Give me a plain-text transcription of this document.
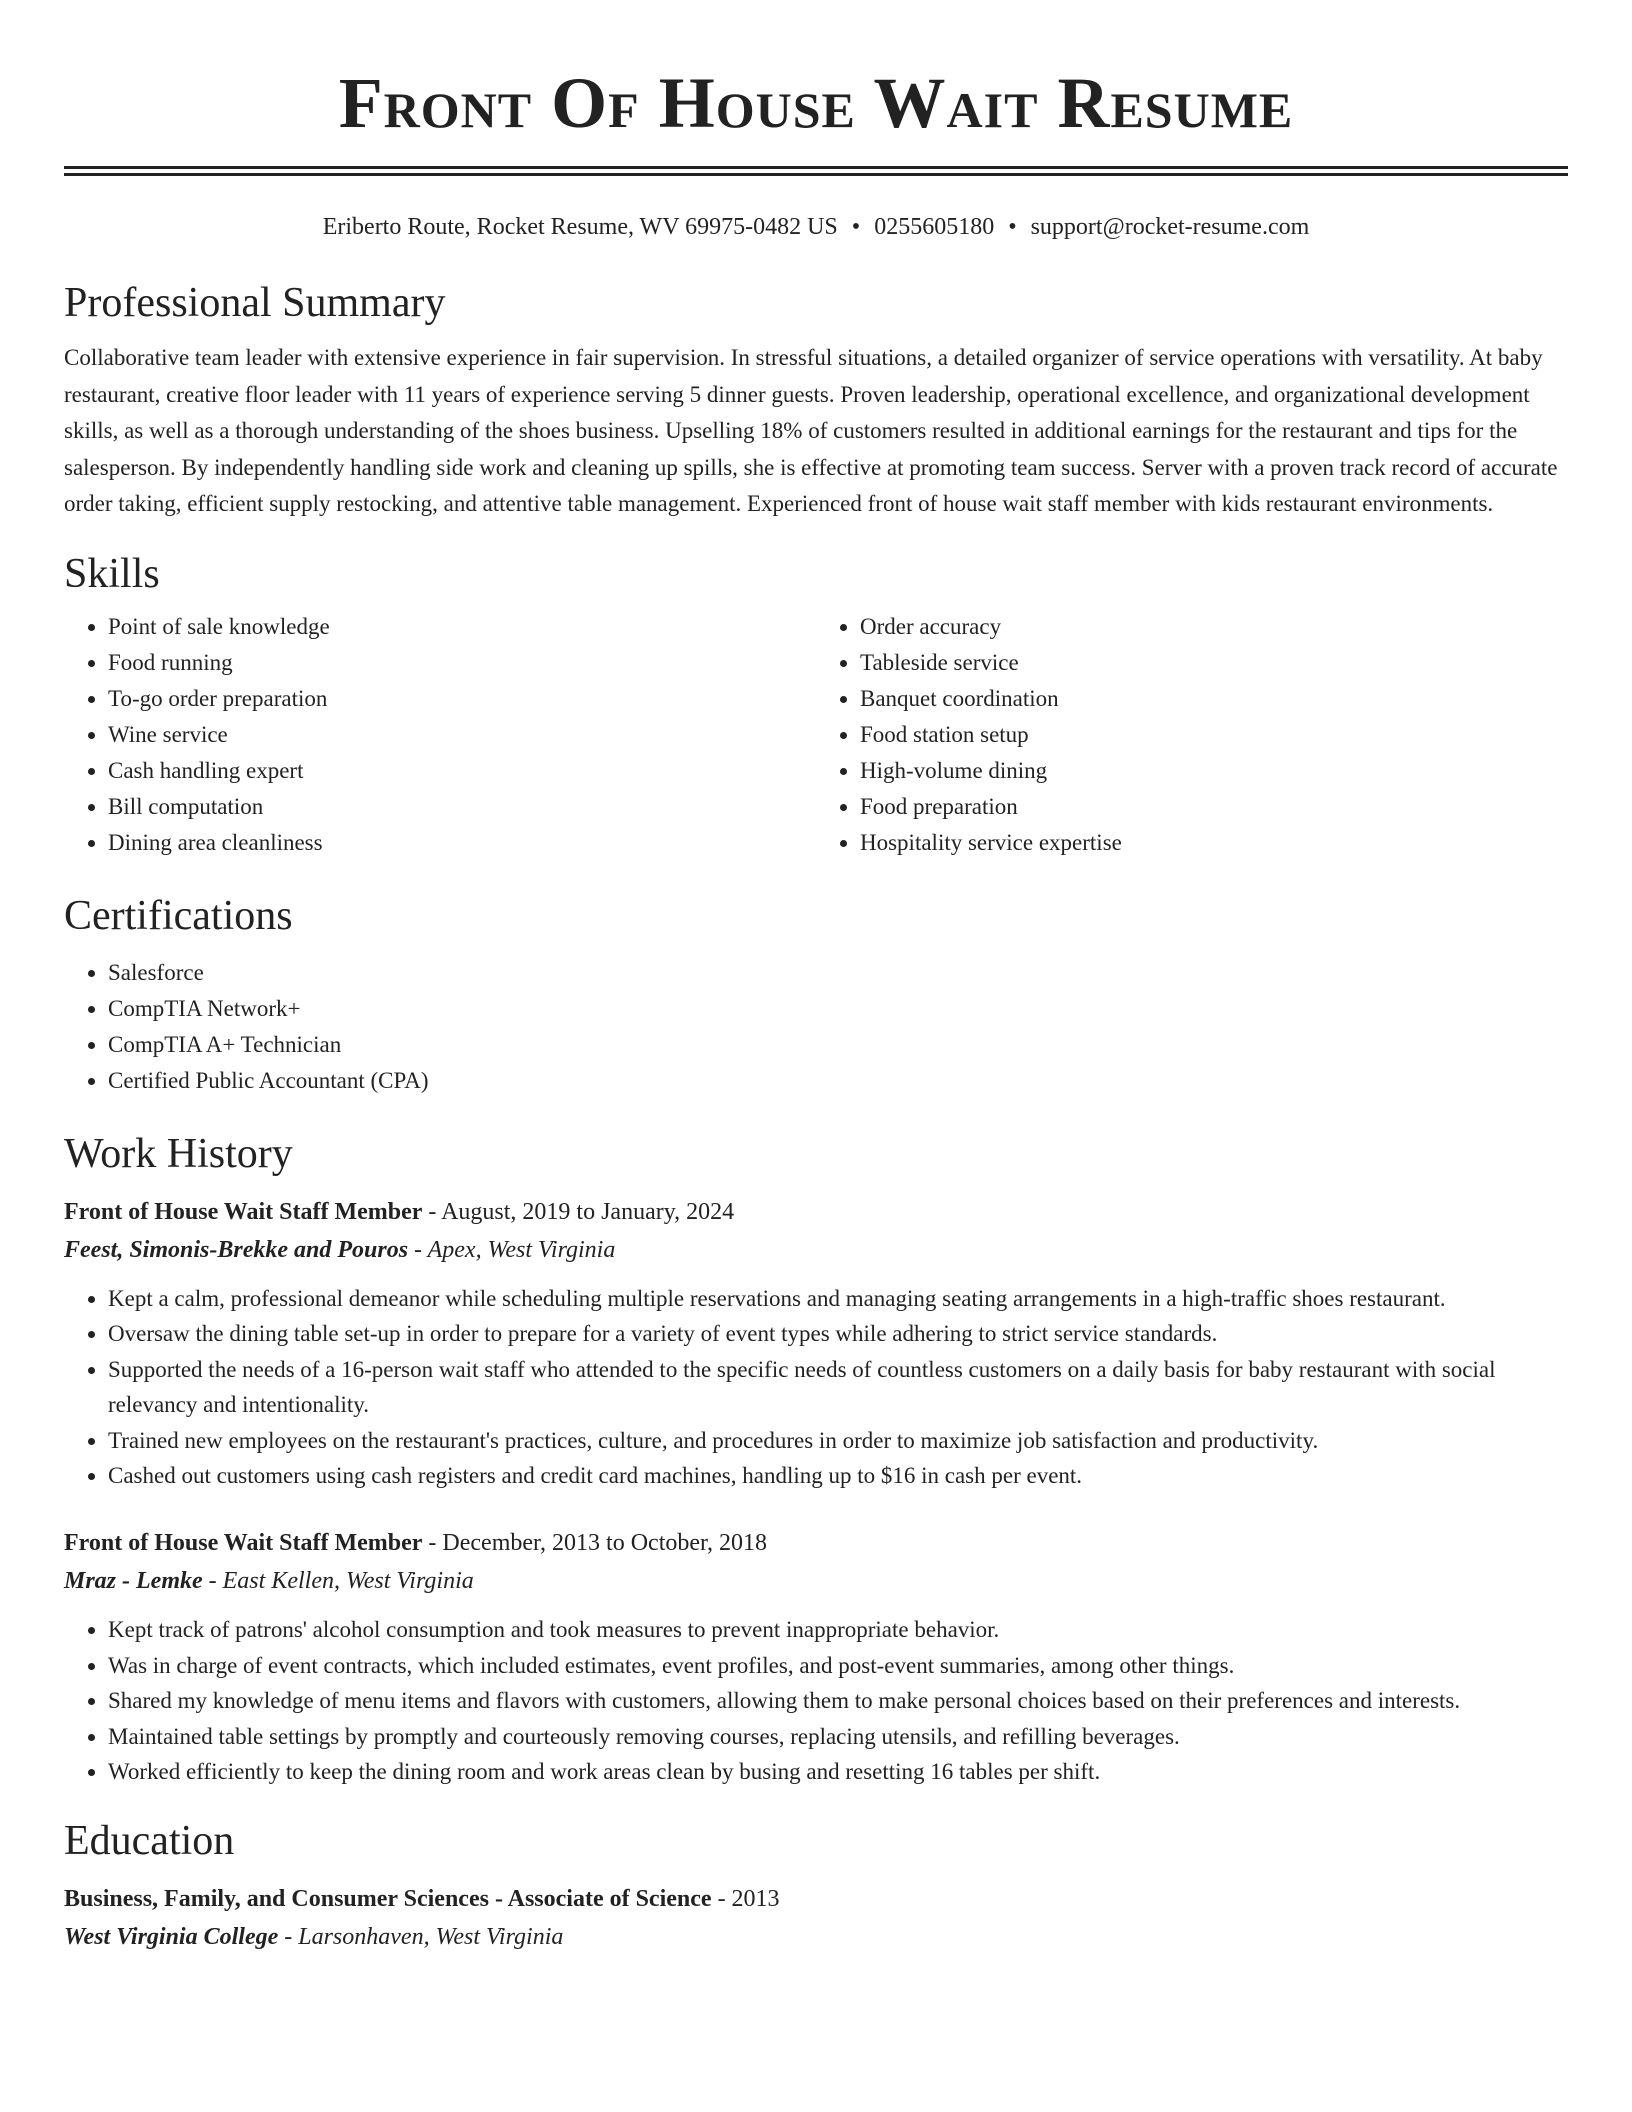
Front Of House Wait Resume
Eriberto Route, Rocket Resume, WV 69975-0482 US • 0255605180 • support@rocket-resume.com
Professional Summary

Collaborative team leader with extensive experience in fair supervision. In stressful situations, a detailed organizer of service operations with versatility. At baby restaurant, creative floor leader with 11 years of experience serving 5 dinner guests. Proven leadership, operational excellence, and organizational development skills, as well as a thorough understanding of the shoes business. Upselling 18% of customers resulted in additional earnings for the restaurant and tips for the salesperson. By independently handling side work and cleaning up spills, she is effective at promoting team success. Server with a proven track record of accurate order taking, efficient supply restocking, and attentive table management. Experienced front of house wait staff member with kids restaurant environments.

Skills
• Point of sale knowledge
• Food running
• To-go order preparation
• Wine service
• Cash handling expert
• Bill computation
• Dining area cleanliness
• Order accuracy
• Tableside service
• Banquet coordination
• Food station setup
• High-volume dining
• Food preparation
• Hospitality service expertise
Certifications
• Salesforce
• CompTIA Network+
• CompTIA A+ Technician
• Certified Public Accountant (CPA)
Work History
Front of House Wait Staff Member - August, 2019 to January, 2024
Feest, Simonis-Brekke and Pouros - Apex, West Virginia
• Kept a calm, professional demeanor while scheduling multiple reservations and managing seating arrangements in a high-traffic shoes restaurant.
• Oversaw the dining table set-up in order to prepare for a variety of event types while adhering to strict service standards.
• Supported the needs of a 16-person wait staff who attended to the specific needs of countless customers on a daily basis for baby restaurant with social relevancy and intentionality.
• Trained new employees on the restaurant's practices, culture, and procedures in order to maximize job satisfaction and productivity.
• Cashed out customers using cash registers and credit card machines, handling up to $16 in cash per event.
Front of House Wait Staff Member - December, 2013 to October, 2018
Mraz - Lemke - East Kellen, West Virginia
• Kept track of patrons' alcohol consumption and took measures to prevent inappropriate behavior.
• Was in charge of event contracts, which included estimates, event profiles, and post-event summaries, among other things.
• Shared my knowledge of menu items and flavors with customers, allowing them to make personal choices based on their preferences and interests.
• Maintained table settings by promptly and courteously removing courses, replacing utensils, and refilling beverages.
• Worked efficiently to keep the dining room and work areas clean by busing and resetting 16 tables per shift.
Education
Business, Family, and Consumer Sciences - Associate of Science - 2013
West Virginia College - Larsonhaven, West Virginia
